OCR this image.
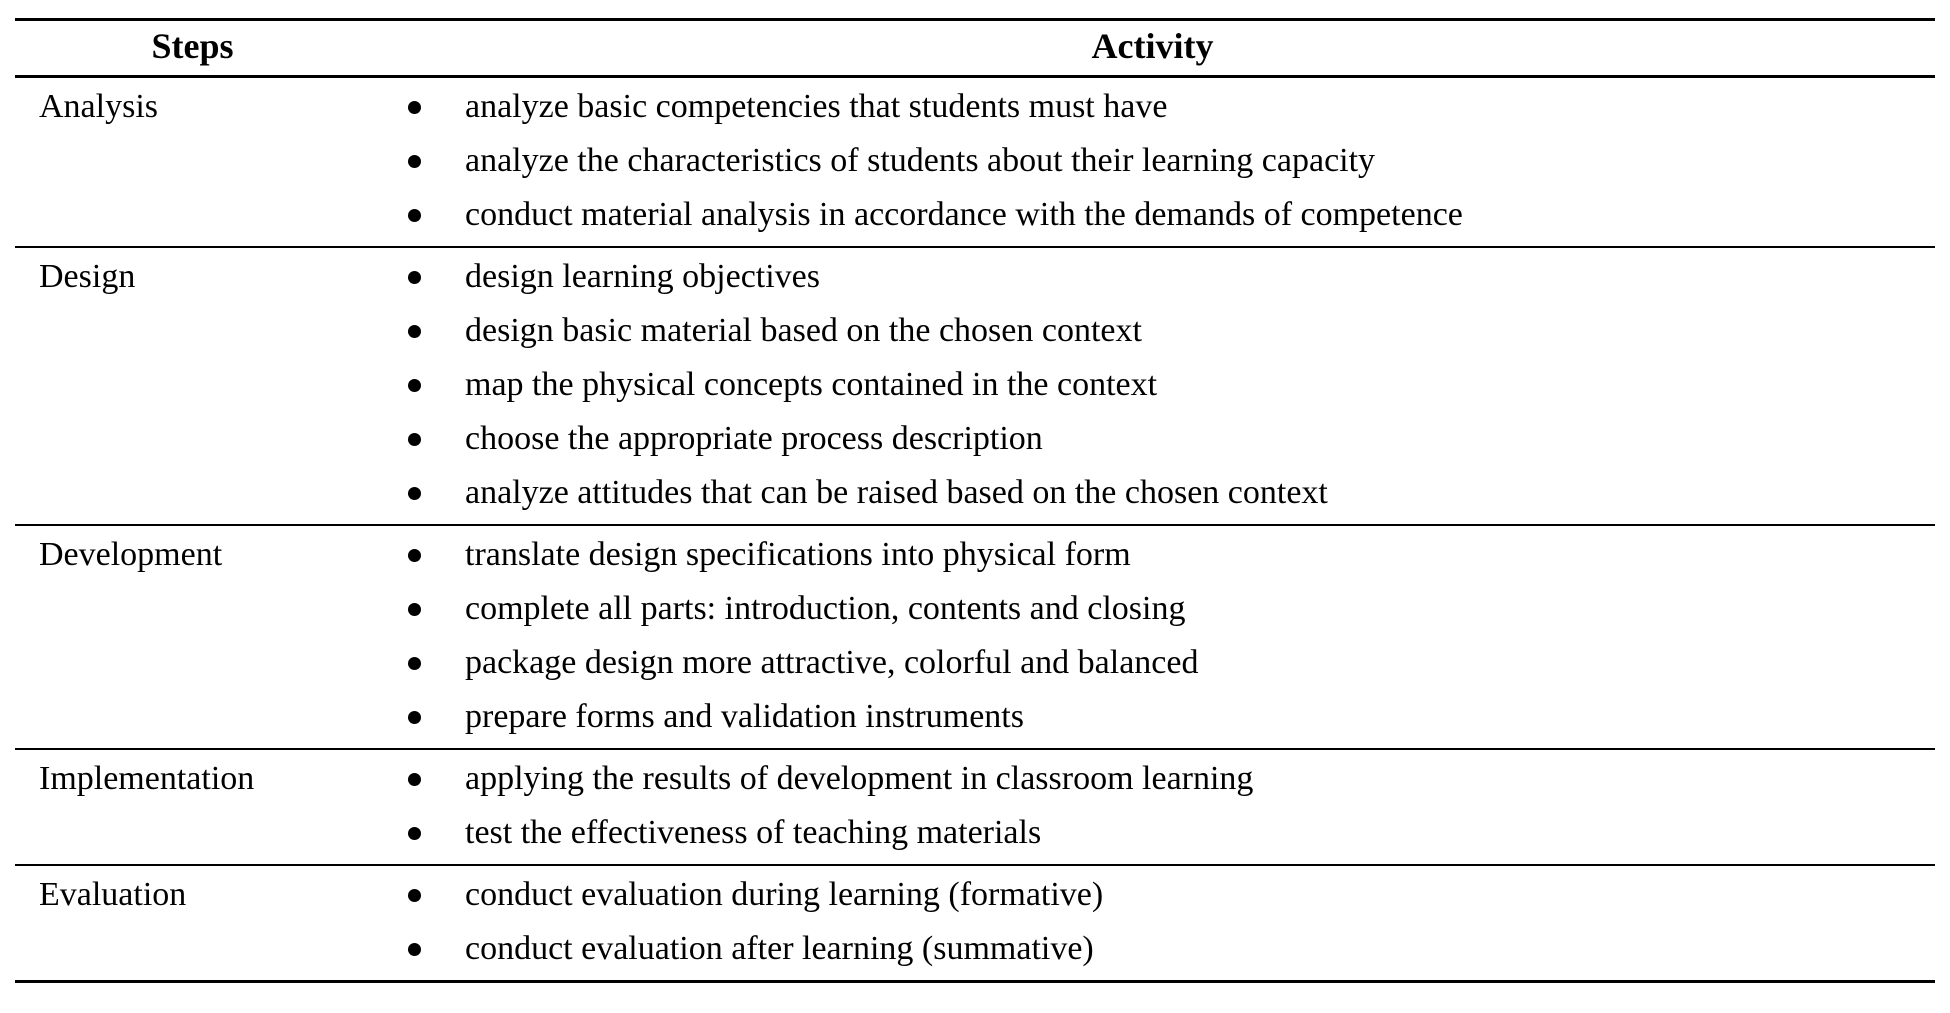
Steps	Activity
Analysis	analyze basic competencies that students must have
analyze the characteristics of students about their learning capacity
conduct material analysis in accordance with the demands of competence

Design	design learning objectives
design basic material based on the chosen context
map the physical concepts contained in the context
choose the appropriate process description
analyze attitudes that can be raised based on the chosen context

Development	translate design specifications into physical form
complete all parts: introduction, contents and closing
package design more attractive, colorful and balanced
prepare forms and validation instruments

Implementation	applying the results of development in classroom learning
test the effectiveness of teaching materials

Evaluation	conduct evaluation during learning (formative)
conduct evaluation after learning (summative)
